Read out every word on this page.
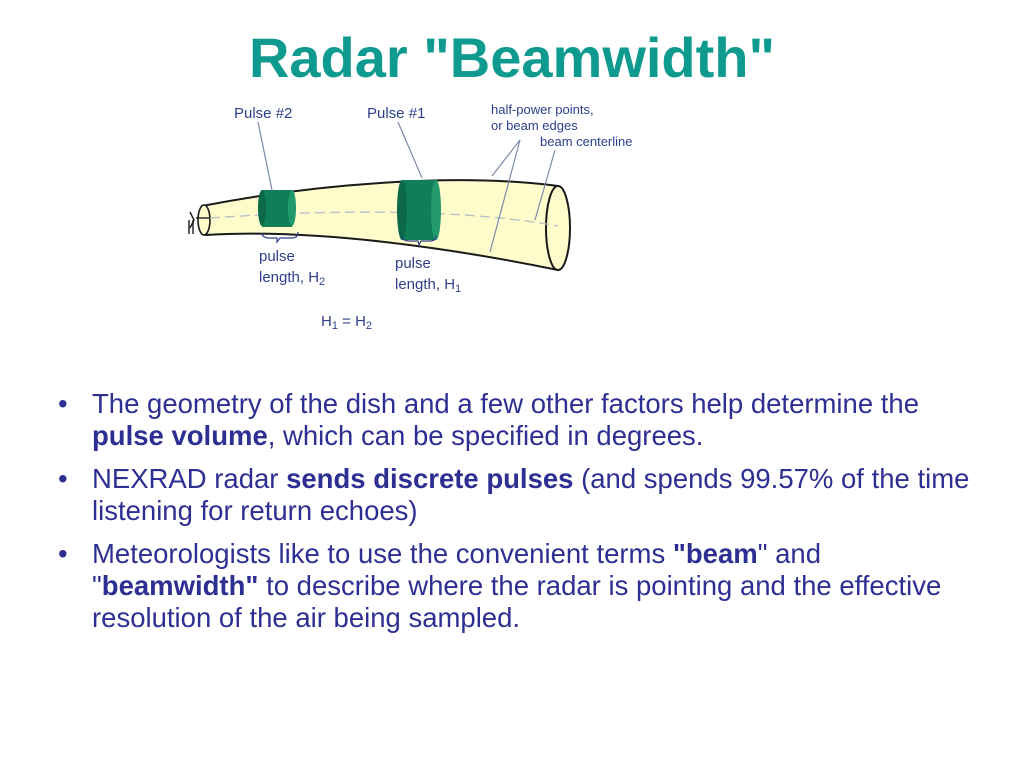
Radar "Beamwidth"
Pulse #2	Pulse #1	half-power points,
or beam edges
beam centerline
pulse
length, $H_2$
pulse
length, $H_1$
$H_1 = H_2$
• The geometry of the dish and a few other factors help determine the pulse volume, which can be specified in degrees.
• NEXRAD radar sends discrete pulses (and spends 99.57% of the time listening for return echoes)
• Meteorologists like to use the convenient terms "beam" and "beamwidth" to describe where the radar is pointing and the effective resolution of the air being sampled.
